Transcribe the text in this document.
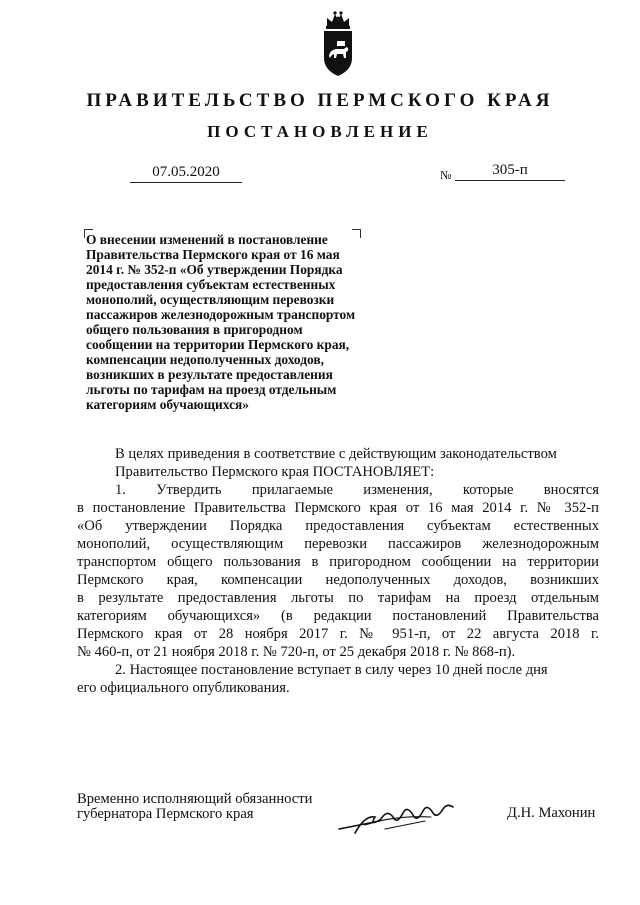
ПРАВИТЕЛЬСТВО ПЕРМСКОГО КРАЯ
ПОСТАНОВЛЕНИЕ
07.05.2020	№	305-п
О внесении изменений в постановление
Правительства Пермского края от 16 мая
2014 г. № 352-п «Об утверждении Порядка
предоставления субъектам естественных
монополий, осуществляющим перевозки
пассажиров железнодорожным транспортом
общего пользования в пригородном
сообщении на территории Пермского края,
компенсации недополученных доходов,
возникших в результате предоставления
льготы по тарифам на проезд отдельным
категориям обучающихся»
В целях приведения в соответствие с действующим законодательством
Правительство Пермского края ПОСТАНОВЛЯЕТ:
1. Утвердить прилагаемые изменения, которые вносятся
в постановление Правительства Пермского края от 16 мая 2014 г. № 352-п
«Об утверждении Порядка предоставления субъектам естественных
монополий, осуществляющим перевозки пассажиров железнодорожным
транспортом общего пользования в пригородном сообщении на территории
Пермского края, компенсации недополученных доходов, возникших
в результате предоставления льготы по тарифам на проезд отдельным
категориям обучающихся» (в редакции постановлений Правительства
Пермского края от 28 ноября 2017 г. № 951-п, от 22 августа 2018 г.
№ 460-п, от 21 ноября 2018 г. № 720-п, от 25 декабря 2018 г. № 868-п).
2. Настоящее постановление вступает в силу через 10 дней после дня
его официального опубликования.
Временно исполняющий обязанности
губернатора Пермского края	Д.Н. Махонин
